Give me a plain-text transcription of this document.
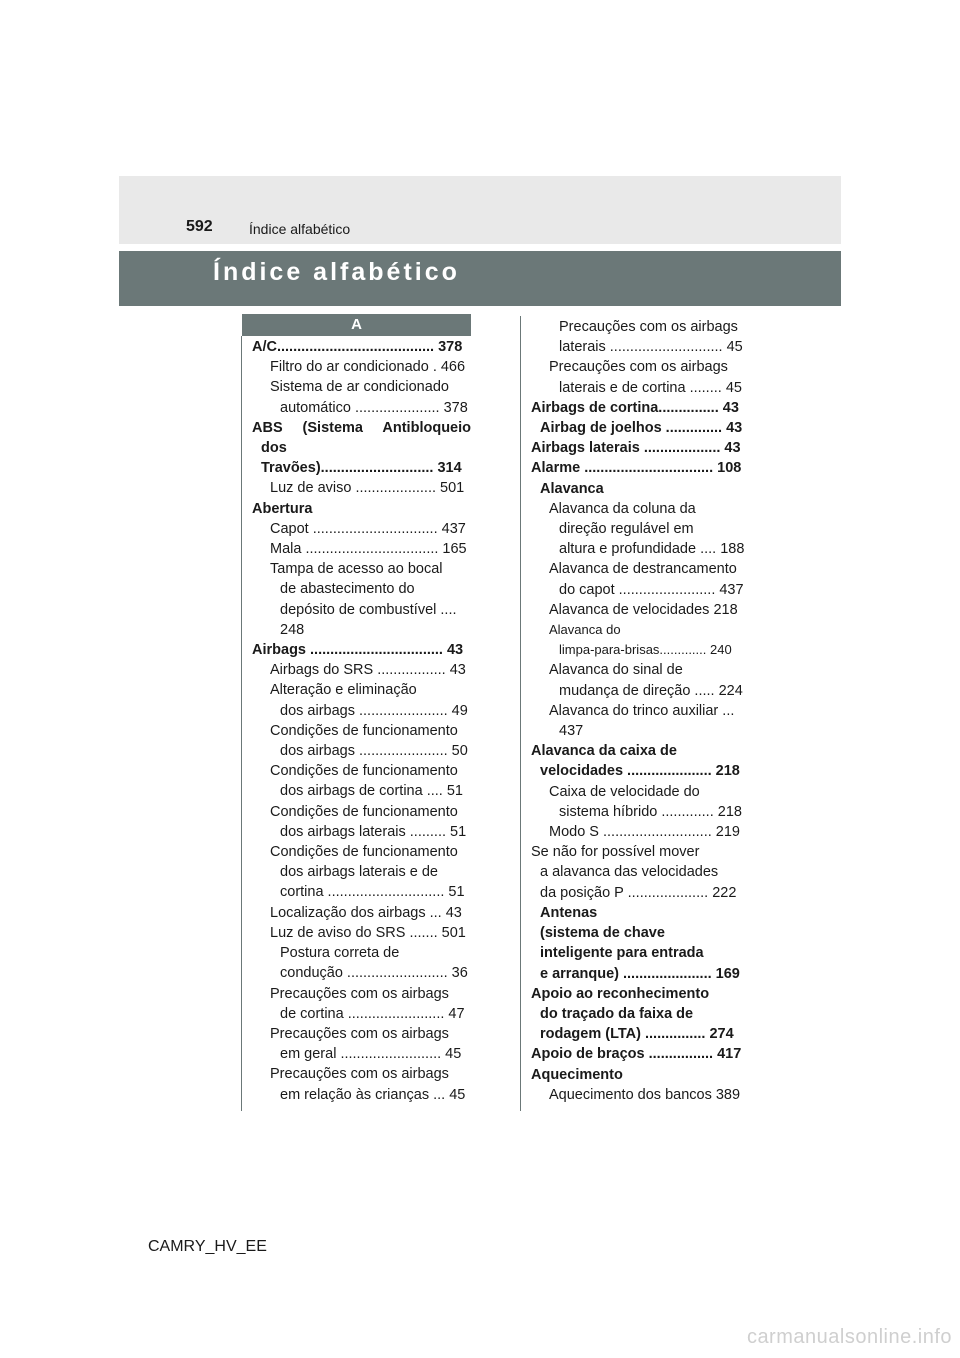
592	Índice alfabético
Índice alfabético
A
A/C....................................... 378
Filtro do ar condicionado . 466
Sistema de ar condicionado
automático ..................... 378
ABS (Sistema Antibloqueio
dos
Travões)............................ 314
Luz de aviso .................... 501
Abertura
Capot ............................... 437
Mala ................................. 165
Tampa de acesso ao bocal
de abastecimento do
depósito de combustível ....
248
Airbags ................................. 43
Airbags do SRS ................. 43
Alteração e eliminação
dos airbags ...................... 49
Condições de funcionamento
dos airbags ...................... 50
Condições de funcionamento
dos airbags de cortina .... 51
Condições de funcionamento
dos airbags laterais ......... 51
Condições de funcionamento
dos airbags laterais e de
cortina ............................. 51
Localização dos airbags ... 43
Luz de aviso do SRS ....... 501
Postura correta de
condução ......................... 36
Precauções com os airbags
de cortina ........................ 47
Precauções com os airbags
em geral ......................... 45
Precauções com os airbags
em relação às crianças ... 45
Precauções com os airbags
laterais ............................ 45
Precauções com os airbags
laterais e de cortina ........ 45
Airbags de cortina............... 43
Airbag de joelhos .............. 43
Airbags laterais ................... 43
Alarme ................................ 108
Alavanca
Alavanca da coluna da
direção regulável em
altura e profundidade .... 188
Alavanca de destrancamento
do capot ........................ 437
Alavanca de velocidades 218
Alavanca do
limpa-para-brisas............. 240
Alavanca do sinal de
mudança de direção ..... 224
Alavanca do trinco auxiliar ...
437
Alavanca da caixa de
velocidades ..................... 218
Caixa de velocidade do
sistema híbrido ............. 218
Modo S ........................... 219
Se não for possível mover
a alavanca das velocidades
da posição P .................... 222
Antenas
(sistema de chave
inteligente para entrada
e arranque) ...................... 169
Apoio ao reconhecimento
do traçado da faixa de
rodagem (LTA) ............... 274
Apoio de braços ................ 417
Aquecimento
Aquecimento dos bancos 389
CAMRY_HV_EE
carmanualsonline.info
